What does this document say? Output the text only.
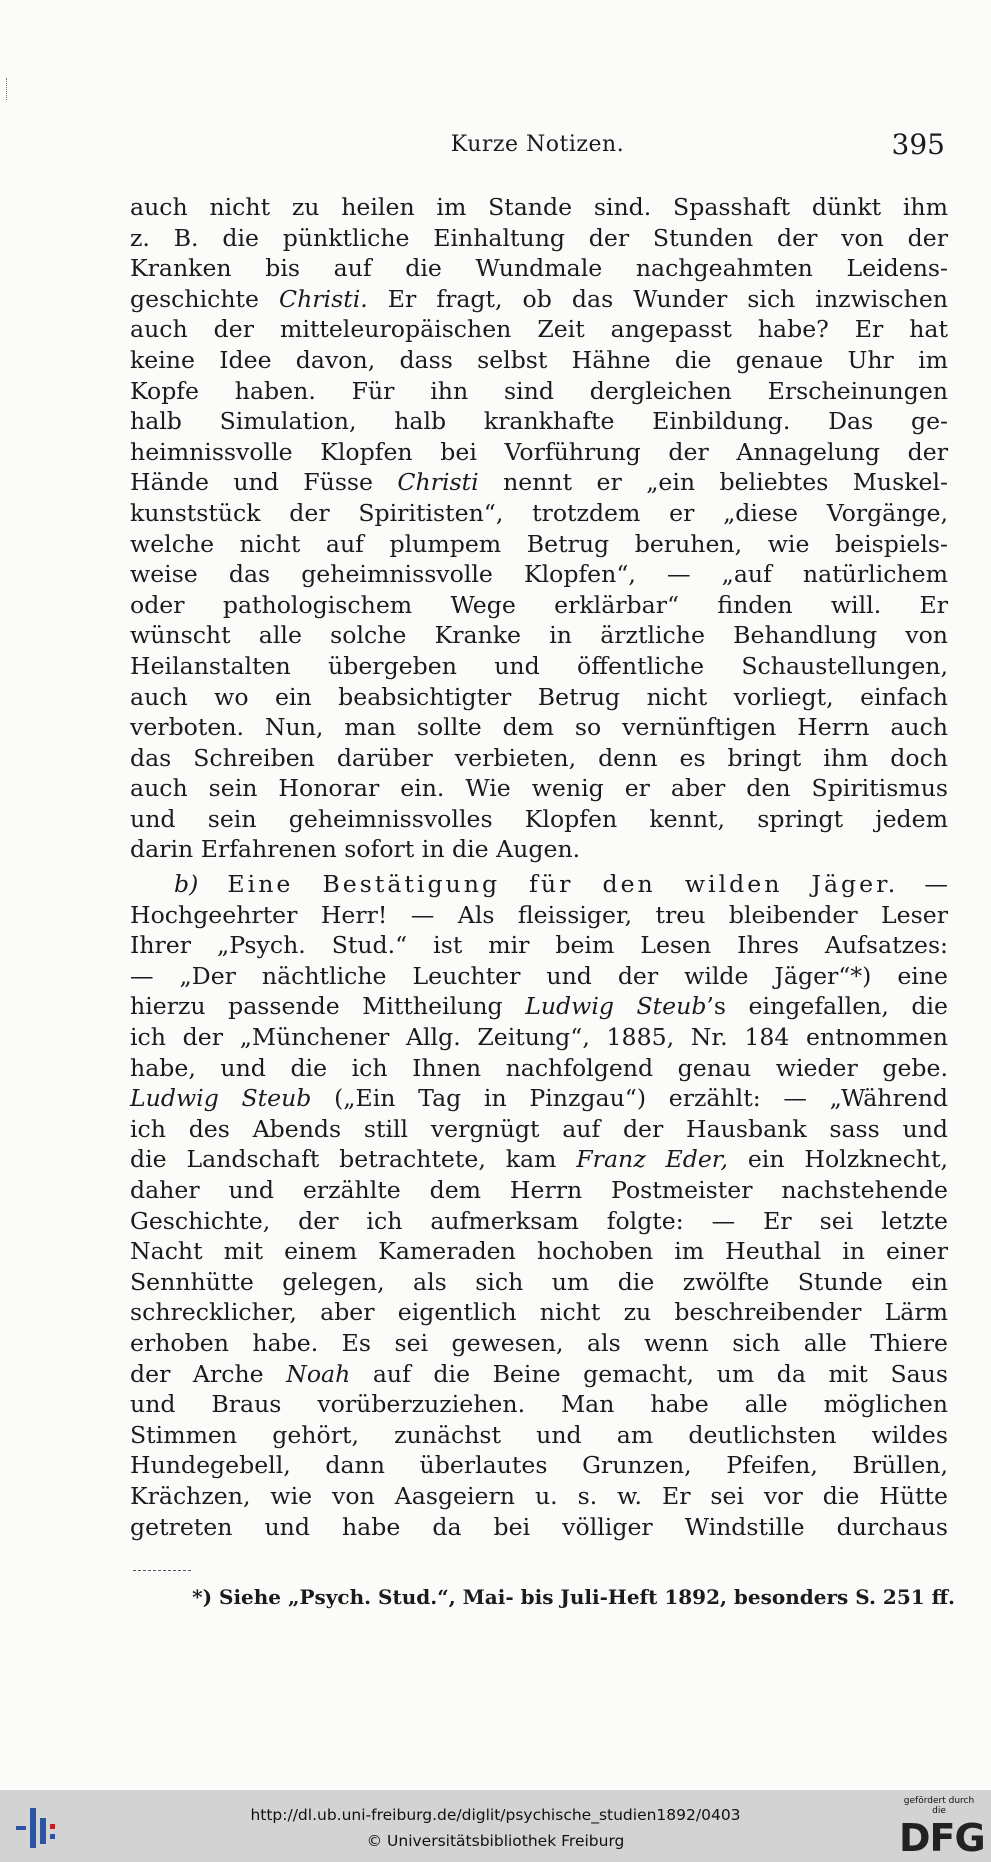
Kurze Notizen.	395

auch nicht zu heilen im Stande sind. Spasshaft dünkt ihm
z. B. die pünktliche Einhaltung der Stunden der von der
Kranken bis auf die Wundmale nachgeahmten Leidens-
geschichte Christi. Er fragt, ob das Wunder sich inzwischen
auch der mitteleuropäischen Zeit angepasst habe? Er hat
keine Idee davon, dass selbst Hähne die genaue Uhr im
Kopfe haben. Für ihn sind dergleichen Erscheinungen
halb Simulation, halb krankhafte Einbildung. Das ge-
heimnissvolle Klopfen bei Vorführung der Annagelung der
Hände und Füsse Christi nennt er „ein beliebtes Muskel-
kunststück der Spiritisten“, trotzdem er „diese Vorgänge,
welche nicht auf plumpem Betrug beruhen, wie beispiels-
weise das geheimnissvolle Klopfen“, — „auf natürlichem
oder pathologischem Wege erklärbar“ finden will. Er
wünscht alle solche Kranke in ärztliche Behandlung von
Heilanstalten übergeben und öffentliche Schaustellungen,
auch wo ein beabsichtigter Betrug nicht vorliegt, einfach
verboten. Nun, man sollte dem so vernünftigen Herrn auch
das Schreiben darüber verbieten, denn es bringt ihm doch
auch sein Honorar ein. Wie wenig er aber den Spiritismus
und sein geheimnissvolles Klopfen kennt, springt jedem
darin Erfahrenen sofort in die Augen.

b) Eine Bestätigung für den wilden Jäger. —
Hochgeehrter Herr! — Als fleissiger, treu bleibender Leser
Ihrer „Psych. Stud.“ ist mir beim Lesen Ihres Aufsatzes:
— „Der nächtliche Leuchter und der wilde Jäger“*) eine
hierzu passende Mittheilung Ludwig Steub’s eingefallen, die
ich der „Münchener Allg. Zeitung“, 1885, Nr. 184 entnommen
habe, und die ich Ihnen nachfolgend genau wieder gebe.
Ludwig Steub („Ein Tag in Pinzgau“) erzählt: — „Während
ich des Abends still vergnügt auf der Hausbank sass und
die Landschaft betrachtete, kam Franz Eder, ein Holzknecht,
daher und erzählte dem Herrn Postmeister nachstehende
Geschichte, der ich aufmerksam folgte: — Er sei letzte
Nacht mit einem Kameraden hochoben im Heuthal in einer
Sennhütte gelegen, als sich um die zwölfte Stunde ein
schrecklicher, aber eigentlich nicht zu beschreibender Lärm
erhoben habe. Es sei gewesen, als wenn sich alle Thiere
der Arche Noah auf die Beine gemacht, um da mit Saus
und Braus vorüberzuziehen. Man habe alle möglichen
Stimmen gehört, zunächst und am deutlichsten wildes
Hundegebell, dann überlautes Grunzen, Pfeifen, Brüllen,
Krächzen, wie von Aasgeiern u. s. w. Er sei vor die Hütte
getreten und habe da bei völliger Windstille durchaus

*) Siehe „Psych. Stud.“, Mai- bis Juli-Heft 1892, besonders S. 251 ff.
http://dl.ub.uni-freiburg.de/diglit/psychische_studien1892/0403
© Universitätsbibliothek Freiburg
gefördert durch die
DFG
